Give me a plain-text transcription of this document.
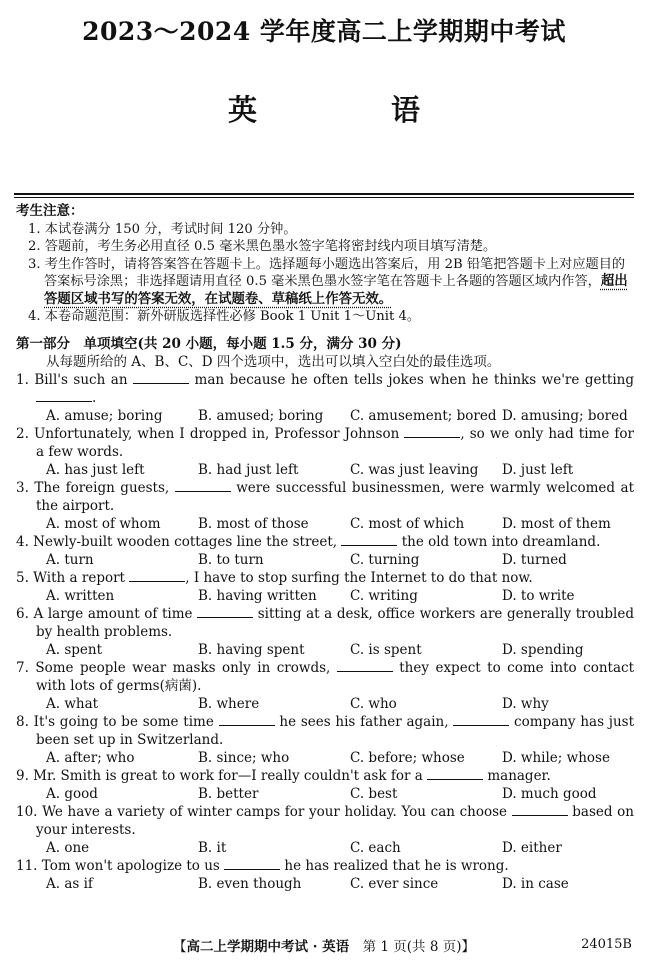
2023～2024 学年度高二上学期期中考试
英 语
考生注意：
1. 本试卷满分 150 分，考试时间 120 分钟。
2. 答题前，考生务必用直径 0.5 毫米黑色墨水签字笔将密封线内项目填写清楚。
3. 考生作答时，请将答案答在答题卡上。选择题每小题选出答案后，用 2B 铅笔把答题卡上对应题目的答案标号涂黑；非选择题请用直径 0.5 毫米黑色墨水签字笔在答题卡上各题的答题区域内作答，超出答题区域书写的答案无效，在试题卷、草稿纸上作答无效。
4. 本卷命题范围：新外研版选择性必修 Book 1 Unit 1～Unit 4。
第一部分　单项填空(共 20 小题，每小题 1.5 分，满分 30 分)
从每题所给的 A、B、C、D 四个选项中，选出可以填入空白处的最佳选项。
1. Bill's such an	man because he often tells jokes when he thinks we're getting .
A. amuse; boring	B. amused; boring	C. amusement; bored D. amusing; bored
2. Unfortunately, when I dropped in, Professor Johnson	, so we only had time for a few words.
A. has just left	B. had just left	C. was just leaving	D. just left
3. The foreign guests,	were successful businessmen, were warmly welcomed at the airport.
A. most of whom	B. most of those	C. most of which	D. most of them
4. Newly-built wooden cottages line the street,	the old town into dreamland.
A. turn	B. to turn	C. turning	D. turned
5. With a report	, I have to stop surfing the Internet to do that now.
A. written	B. having written	C. writing	D. to write
6. A large amount of time	sitting at a desk, office workers are generally troubled by health problems.
A. spent	B. having spent	C. is spent	D. spending
7. Some people wear masks only in crowds,	they expect to come into contact with lots of germs(病菌).
A. what	B. where	C. who	D. why
8. It's going to be some time	he sees his father again,	company has just been set up in Switzerland.
A. after; who	B. since; who	C. before; whose	D. while; whose
9. Mr. Smith is great to work for—I really couldn't ask for a	manager.
A. good	B. better	C. best	D. much good
10. We have a variety of winter camps for your holiday. You can choose	based on your interests.
A. one	B. it	C. each	D. either
11. Tom won't apologize to us	he has realized that he is wrong.
A. as if	B. even though	C. ever since	D. in case
【高二上学期期中考试 · 英语　第 1 页(共 8 页)】	24015B
